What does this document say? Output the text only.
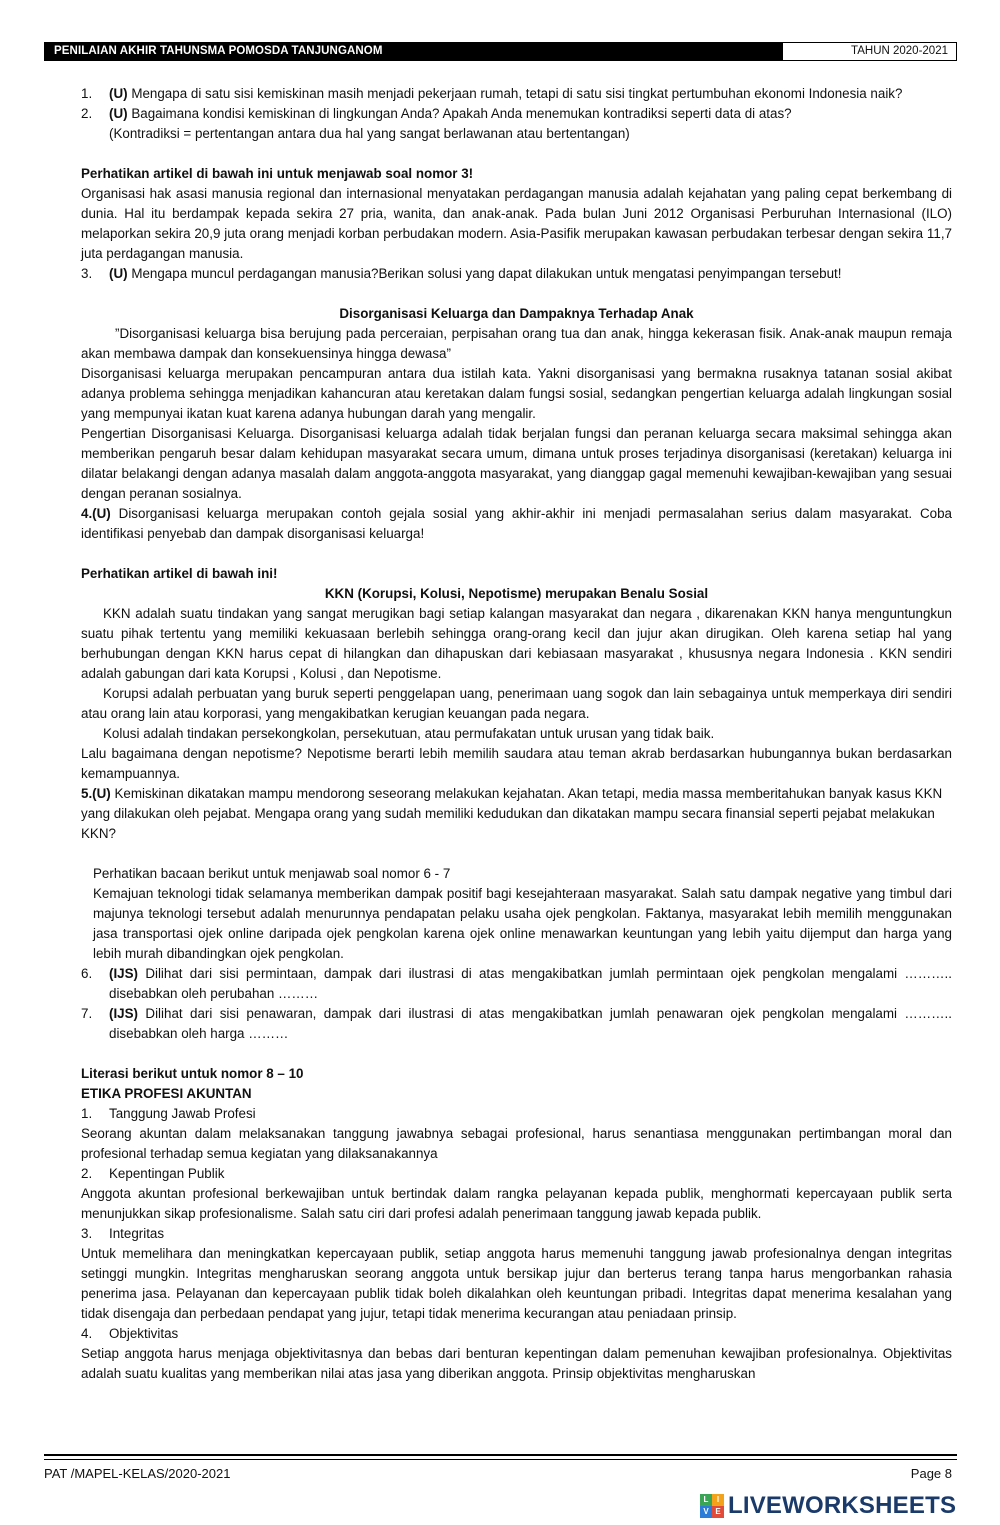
PENILAIAN AKHIR TAHUNSMA POMOSDA TANJUNGANOM	TAHUN 2020-2021
1.	(U) Mengapa di satu sisi kemiskinan masih menjadi pekerjaan rumah, tetapi di satu sisi tingkat pertumbuhan ekonomi Indonesia naik?
2.	(U) Bagaimana kondisi kemiskinan di lingkungan Anda? Apakah Anda menemukan kontradiksi seperti data di atas?
(Kontradiksi = pertentangan antara dua hal yang sangat berlawanan atau bertentangan)

Perhatikan artikel di bawah ini untuk menjawab soal nomor 3!

Organisasi hak asasi manusia regional dan internasional menyatakan perdagangan manusia adalah kejahatan yang paling cepat berkembang di dunia. Hal itu berdampak kepada sekira 27 pria, wanita, dan anak-anak. Pada bulan Juni 2012 Organisasi Perburuhan Internasional (ILO) melaporkan sekira 20,9 juta orang menjadi korban perbudakan modern. Asia-Pasifik merupakan kawasan perbudakan terbesar dengan sekira 11,7 juta perdagangan manusia.

3.	(U) Mengapa muncul perdagangan manusia?Berikan solusi yang dapat dilakukan untuk mengatasi penyimpangan tersebut!

Disorganisasi Keluarga dan Dampaknya Terhadap Anak

”Disorganisasi keluarga bisa berujung pada perceraian, perpisahan orang tua dan anak, hingga kekerasan fisik. Anak-anak maupun remaja akan membawa dampak dan konsekuensinya hingga dewasa”

Disorganisasi keluarga merupakan pencampuran antara dua istilah kata. Yakni disorganisasi yang bermakna rusaknya tatanan sosial akibat adanya problema sehingga menjadikan kahancuran atau keretakan dalam fungsi sosial, sedangkan pengertian keluarga adalah lingkungan sosial yang mempunyai ikatan kuat karena adanya hubungan darah yang mengalir.

Pengertian Disorganisasi Keluarga. Disorganisasi keluarga adalah tidak berjalan fungsi dan peranan keluarga secara maksimal sehingga akan memberikan pengaruh besar dalam kehidupan masyarakat secara umum, dimana untuk proses terjadinya disorganisasi (keretakan) keluarga ini dilatar belakangi dengan adanya masalah dalam anggota-anggota masyarakat, yang dianggap gagal memenuhi kewajiban-kewajiban yang sesuai dengan peranan sosialnya.

4.(U) Disorganisasi keluarga merupakan contoh gejala sosial yang akhir-akhir ini menjadi permasalahan serius dalam masyarakat. Coba identifikasi penyebab dan dampak disorganisasi keluarga!

Perhatikan artikel di bawah ini!

KKN (Korupsi, Kolusi, Nepotisme) merupakan Benalu Sosial

KKN adalah suatu tindakan yang sangat merugikan bagi setiap kalangan masyarakat dan negara , dikarenakan KKN hanya menguntungkun suatu pihak tertentu yang memiliki kekuasaan berlebih sehingga orang-orang kecil dan jujur akan dirugikan. Oleh karena setiap hal yang berhubungan dengan KKN harus cepat di hilangkan dan dihapuskan dari kebiasaan masyarakat , khususnya negara Indonesia . KKN sendiri adalah gabungan dari kata Korupsi , Kolusi , dan Nepotisme.

Korupsi adalah perbuatan yang buruk seperti penggelapan uang, penerimaan uang sogok dan lain sebagainya untuk memperkaya diri sendiri atau orang lain atau korporasi, yang mengakibatkan kerugian keuangan pada negara.

Kolusi adalah tindakan persekongkolan, persekutuan, atau permufakatan untuk urusan yang tidak baik.

Lalu bagaimana dengan nepotisme? Nepotisme berarti lebih memilih saudara atau teman akrab berdasarkan hubungannya bukan berdasarkan kemampuannya.

5.(U) Kemiskinan dikatakan mampu mendorong seseorang melakukan kejahatan. Akan tetapi, media massa memberitahukan banyak kasus KKN yang dilakukan oleh pejabat. Mengapa orang yang sudah memiliki kedudukan dan dikatakan mampu secara finansial seperti pejabat melakukan KKN?

Perhatikan bacaan berikut untuk menjawab soal nomor 6 - 7

Kemajuan teknologi tidak selamanya memberikan dampak positif bagi kesejahteraan masyarakat. Salah satu dampak negative yang timbul dari majunya teknologi tersebut adalah menurunnya pendapatan pelaku usaha ojek pengkolan. Faktanya, masyarakat lebih memilih menggunakan jasa transportasi ojek online daripada ojek pengkolan karena ojek online menawarkan keuntungan yang lebih yaitu dijemput dan harga yang lebih murah dibandingkan ojek pengkolan.

6.	(IJS) Dilihat dari sisi permintaan, dampak dari ilustrasi di atas mengakibatkan jumlah permintaan ojek pengkolan mengalami ……….. disebabkan oleh perubahan ………
7.	(IJS) Dilihat dari sisi penawaran, dampak dari ilustrasi di atas mengakibatkan jumlah penawaran ojek pengkolan mengalami ……….. disebabkan oleh harga ………

Literasi berikut untuk nomor 8 – 10

ETIKA PROFESI AKUNTAN

1.	Tanggung Jawab Profesi

Seorang akuntan dalam melaksanakan tanggung jawabnya sebagai profesional, harus senantiasa menggunakan pertimbangan moral dan profesional terhadap semua kegiatan yang dilaksanakannya

2.	Kepentingan Publik

Anggota akuntan profesional berkewajiban untuk bertindak dalam rangka pelayanan kepada publik, menghormati kepercayaan publik serta menunjukkan sikap profesionalisme. Salah satu ciri dari profesi adalah penerimaan tanggung jawab kepada publik.

3.	Integritas

Untuk memelihara dan meningkatkan kepercayaan publik, setiap anggota harus memenuhi tanggung jawab profesionalnya dengan integritas setinggi mungkin. Integritas mengharuskan seorang anggota untuk bersikap jujur dan berterus terang tanpa harus mengorbankan rahasia penerima jasa. Pelayanan dan kepercayaan publik tidak boleh dikalahkan oleh keuntungan pribadi. Integritas dapat menerima kesalahan yang tidak disengaja dan perbedaan pendapat yang jujur, tetapi tidak menerima kecurangan atau peniadaan prinsip.

4.	Objektivitas

Setiap anggota harus menjaga objektivitasnya dan bebas dari benturan kepentingan dalam pemenuhan kewajiban profesionalnya. Objektivitas adalah suatu kualitas yang memberikan nilai atas jasa yang diberikan anggota. Prinsip objektivitas mengharuskan

PAT /MAPEL-KELAS/2020-2021	Page 8
L	I
V E LIVEWORKSHEETS
